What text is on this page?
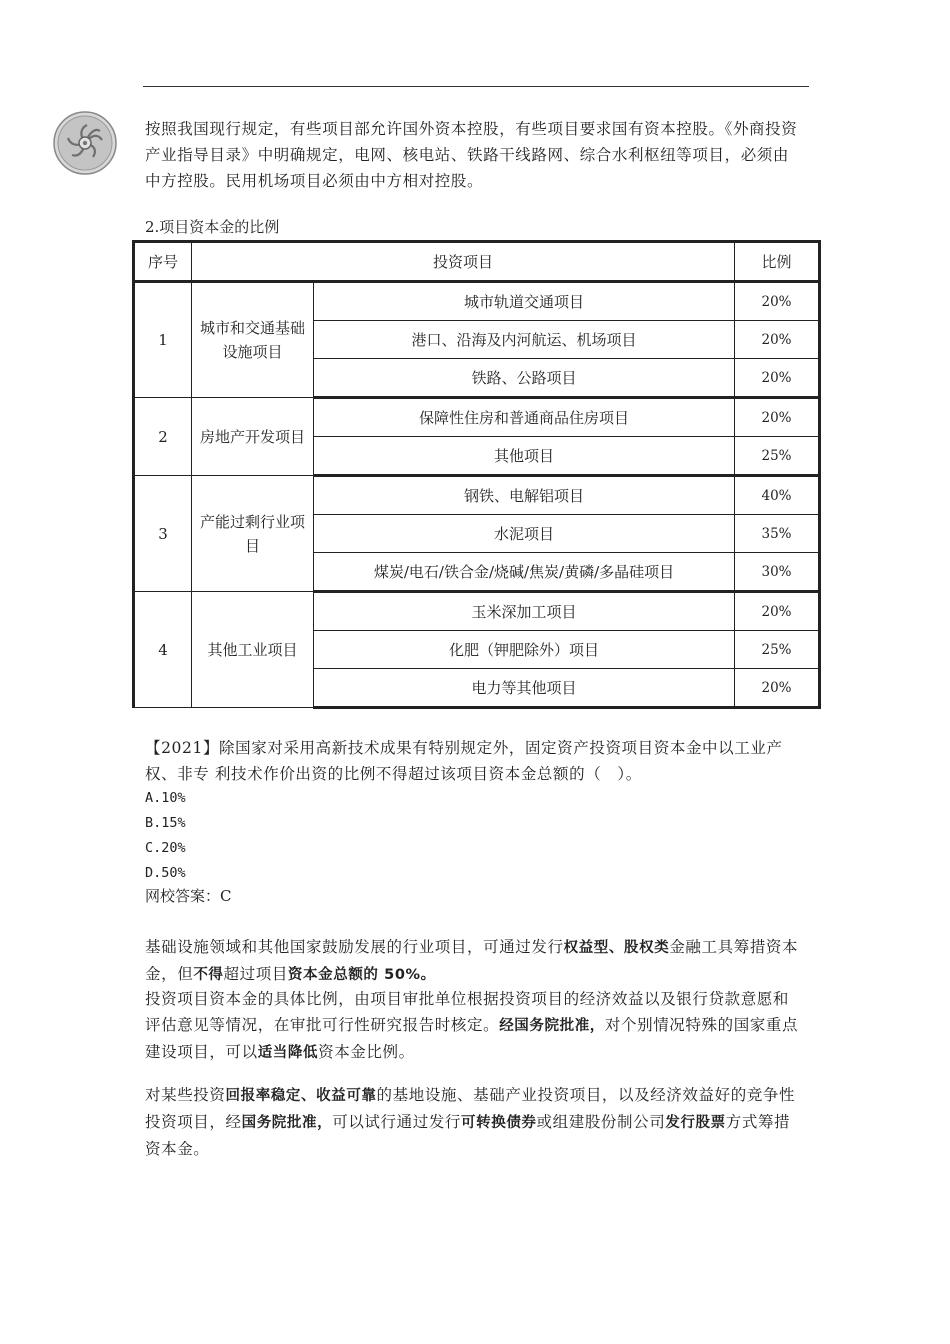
按照我国现行规定，有些项目部允许国外资本控股，有些项目要求国有资本控股。《外商投资产业指导目录》中明确规定，电网、核电站、铁路干线路网、综合水利枢纽等项目，必须由中方控股。民用机场项目必须由中方相对控股。
2.项目资本金的比例
序号	投资项目		比例
1	城市和交通基础设施项目	城市轨道交通项目	20%
		港口、沿海及内河航运、机场项目	20%
		铁路、公路项目	20%
2	房地产开发项目	保障性住房和普通商品住房项目	20%
		其他项目	25%
3	产能过剩行业项目	钢铁、电解铝项目	40%
		水泥项目	35%
		煤炭/电石/铁合金/烧碱/焦炭/黄磷/多晶硅项目	30%
4	其他工业项目	玉米深加工项目	20%
		化肥（钾肥除外）项目	25%
		电力等其他项目	20%
【2021】除国家对采用高新技术成果有特别规定外，固定资产投资项目资本金中以工业产权、非专 利技术作价出资的比例不得超过该项目资本金总额的（　）。
A.10%
B.15%
C.20%
D.50%
网校答案：C
基础设施领域和其他国家鼓励发展的行业项目，可通过发行权益型、股权类金融工具筹措资本金，但不得超过项目资本金总额的 50%。
投资项目资本金的具体比例，由项目审批单位根据投资项目的经济效益以及银行贷款意愿和评估意见等情况，在审批可行性研究报告时核定。经国务院批准，对个别情况特殊的国家重点建设项目，可以适当降低资本金比例。
对某些投资回报率稳定、收益可靠的基地设施、基础产业投资项目，以及经济效益好的竞争性投资项目，经国务院批准，可以试行通过发行可转换债券或组建股份制公司发行股票方式筹措资本金。
